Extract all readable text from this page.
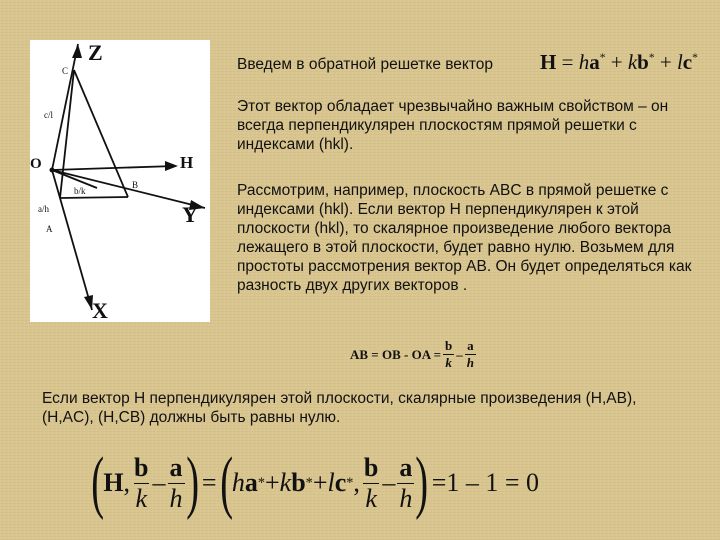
Z
C
c/l
O	H
b/k
B
a/h	Y
A
X
Введем в обратной решетке вектор
Этот вектор обладает чрезвычайно важным свойством – он всегда перпендикулярен плоскостям прямой решетки с индексами (hkl).
Рассмотрим, например, плоскость ABC в прямой решетке с индексами (hkl). Если вектор H перпендикулярен к этой плоскости (hkl), то скалярное произведение любого вектора лежащего в этой плоскости, будет равно нулю. Возьмем для простоты рассмотрения вектор AB. Он будет определяться как разность двух других векторов .
Если вектор H перпендикулярен этой плоскости, скалярные произведения (H,AB), (H,AC), (H,CB) должны быть равны нулю.
H = ha* + kb* + lc*
AB = OB - OA = $\frac{b}{k} - \frac{a}{h}$
( H , $\frac{b}{k} - \frac{a}{h}$ ) = ( h a * + k b * + l c * , $\frac{b}{k} - \frac{a}{h}$ ) =1 – 1 = 0
